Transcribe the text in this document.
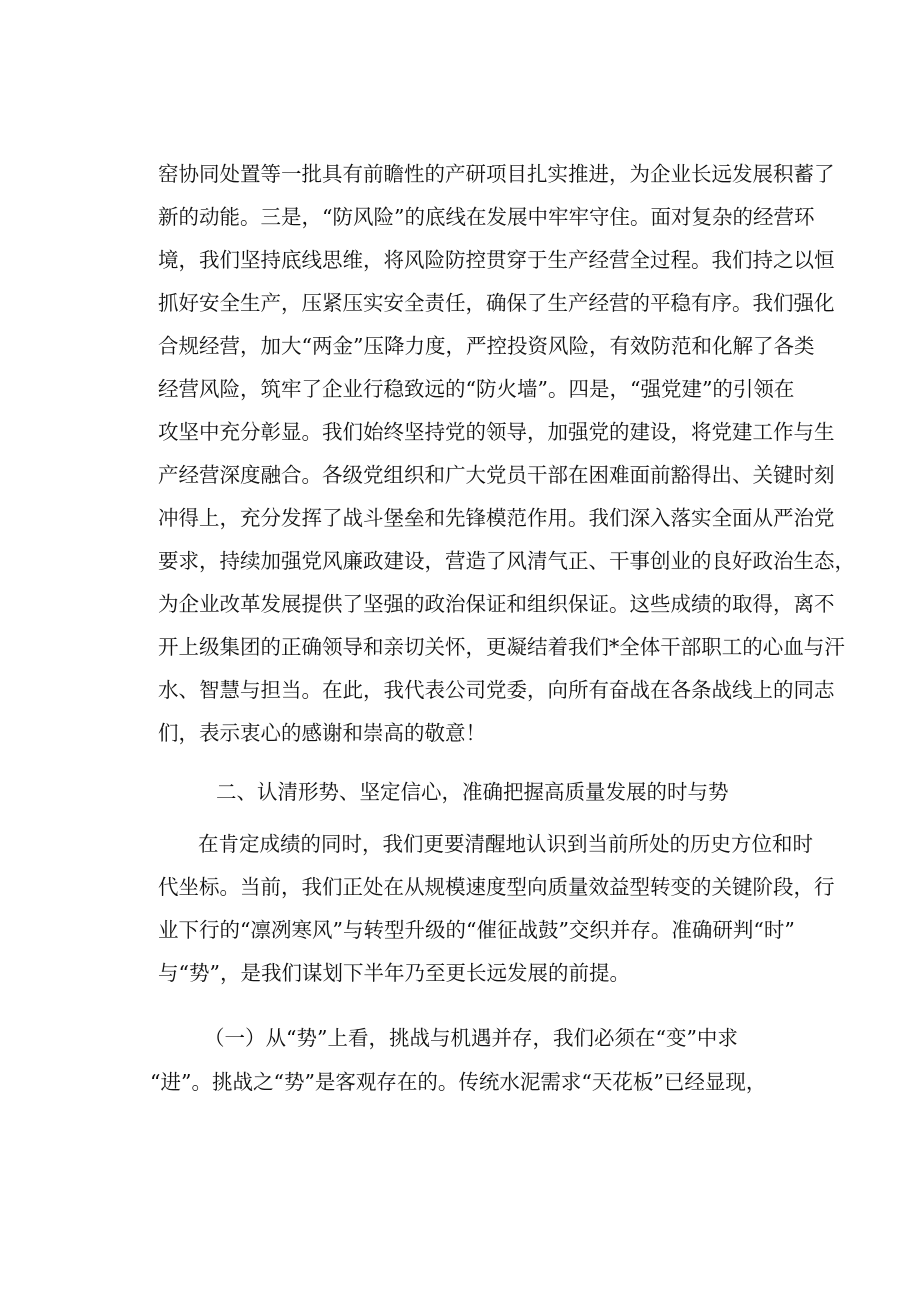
窑协同处置等一批具有前瞻性的产研项目扎实推进，为企业长远发展积蓄了
新的动能。三是，“防风险”的底线在发展中牢牢守住。面对复杂的经营环
境，我们坚持底线思维，将风险防控贯穿于生产经营全过程。我们持之以恒
抓好安全生产，压紧压实安全责任，确保了生产经营的平稳有序。我们强化
合规经营，加大“两金”压降力度，严控投资风险，有效防范和化解了各类
经营风险，筑牢了企业行稳致远的“防火墙”。四是，“强党建”的引领在
攻坚中充分彰显。我们始终坚持党的领导，加强党的建设，将党建工作与生
产经营深度融合。各级党组织和广大党员干部在困难面前豁得出、关键时刻
冲得上，充分发挥了战斗堡垒和先锋模范作用。我们深入落实全面从严治党
要求，持续加强党风廉政建设，营造了风清气正、干事创业的良好政治生态，
为企业改革发展提供了坚强的政治保证和组织保证。这些成绩的取得，离不
开上级集团的正确领导和亲切关怀，更凝结着我们*全体干部职工的心血与汗
水、智慧与担当。在此，我代表公司党委，向所有奋战在各条战线上的同志
们，表示衷心的感谢和崇高的敬意！
二、认清形势、坚定信心，准确把握高质量发展的时与势
在肯定成绩的同时，我们更要清醒地认识到当前所处的历史方位和时
代坐标。当前，我们正处在从规模速度型向质量效益型转变的关键阶段，行
业下行的“凛冽寒风”与转型升级的“催征战鼓”交织并存。准确研判“时”
与“势”，是我们谋划下半年乃至更长远发展的前提。
（一）从“势”上看，挑战与机遇并存，我们必须在“变”中求
“进”。挑战之“势”是客观存在的。传统水泥需求“天花板”已经显现，
